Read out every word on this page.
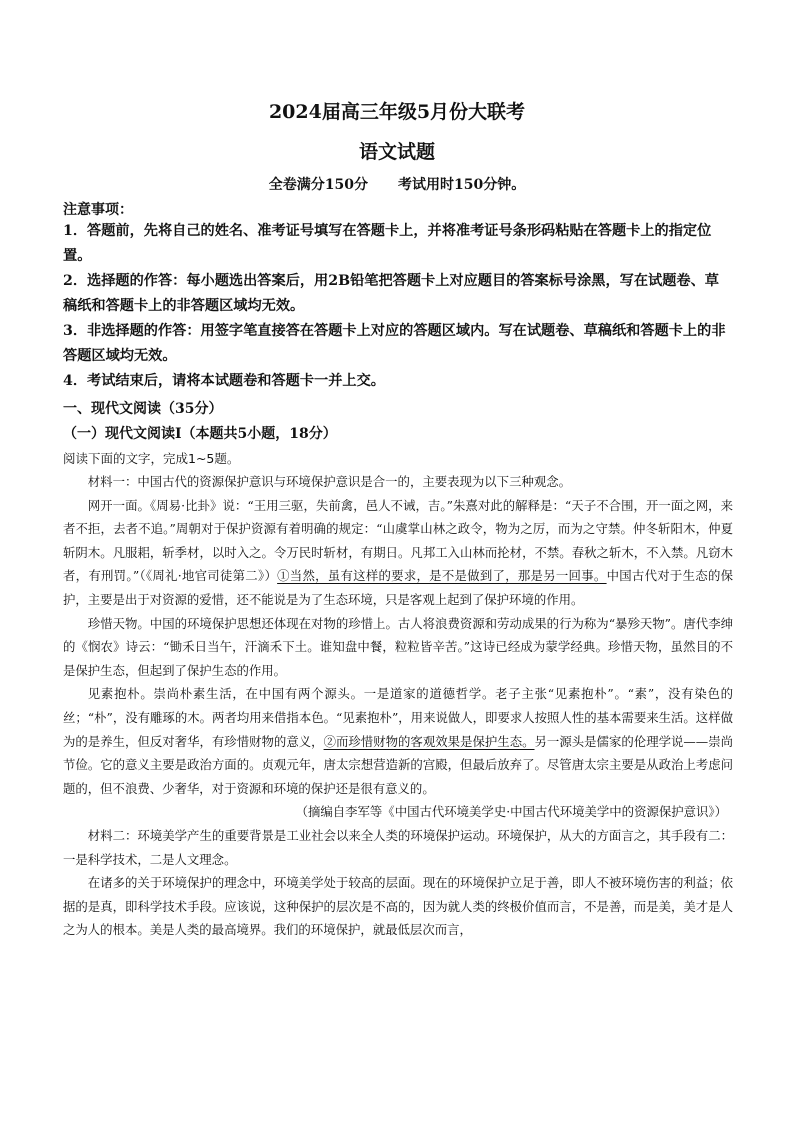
2024届高三年级5月份大联考
语文试题
全卷满分150分 考试用时150分钟。
注意事项：

1．答题前，先将自己的姓名、准考证号填写在答题卡上，并将准考证号条形码粘贴在答题卡上的指定位置。

2．选择题的作答：每小题选出答案后，用2B铅笔把答题卡上对应题目的答案标号涂黑，写在试题卷、草稿纸和答题卡上的非答题区域均无效。

3．非选择题的作答：用签字笔直接答在答题卡上对应的答题区域内。写在试题卷、草稿纸和答题卡上的非答题区域均无效。

4．考试结束后，请将本试题卷和答题卡一并上交。

一、现代文阅读（35分）
（一）现代文阅读Ⅰ（本题共5小题，18分）
阅读下面的文字，完成1~5题。

材料一：中国古代的资源保护意识与环境保护意识是合一的，主要表现为以下三种观念。

网开一面。《周易·比卦》说：“王用三驱，失前禽，邑人不诫，吉。”朱熹对此的解释是：“天子不合围，开一面之网，来者不拒，去者不追。”周朝对于保护资源有着明确的规定：“山虞掌山林之政令，物为之厉，而为之守禁。仲冬斩阳木，仲夏斩阴木。凡服耜，斩季材，以时入之。令万民时斩材，有期日。凡邦工入山林而抡材，不禁。春秋之斩木，不入禁。凡窃木者，有刑罚。”（《周礼·地官司徒第二》）①当然，虽有这样的要求，是不是做到了，那是另一回事。中国古代对于生态的保护，主要是出于对资源的爱惜，还不能说是为了生态环境，只是客观上起到了保护环境的作用。

珍惜天物。中国的环境保护思想还体现在对物的珍惜上。古人将浪费资源和劳动成果的行为称为“暴殄天物”。唐代李绅的《悯农》诗云：“锄禾日当午，汗滴禾下土。谁知盘中餐，粒粒皆辛苦。”这诗已经成为蒙学经典。珍惜天物，虽然目的不是保护生态，但起到了保护生态的作用。

见素抱朴。崇尚朴素生活，在中国有两个源头。一是道家的道德哲学。老子主张“见素抱朴”。“素”，没有染色的丝；“朴”，没有雕琢的木。两者均用来借指本色。“见素抱朴”，用来说做人，即要求人按照人性的基本需要来生活。这样做为的是养生，但反对奢华，有珍惜财物的意义，②而珍惜财物的客观效果是保护生态。另一源头是儒家的伦理学说——崇尚节俭。它的意义主要是政治方面的。贞观元年，唐太宗想营造新的宫殿，但最后放弃了。尽管唐太宗主要是从政治上考虑问题的，但不浪费、少奢华，对于资源和环境的保护还是很有意义的。

（摘编自李军等《中国古代环境美学史·中国古代环境美学中的资源保护意识》）

材料二：环境美学产生的重要背景是工业社会以来全人类的环境保护运动。环境保护，从大的方面言之，其手段有二：一是科学技术，二是人文理念。

在诸多的关于环境保护的理念中，环境美学处于较高的层面。现在的环境保护立足于善，即人不被环境伤害的利益；依据的是真，即科学技术手段。应该说，这种保护的层次是不高的，因为就人类的终极价值而言，不是善，而是美，美才是人之为人的根本。美是人类的最高境界。我们的环境保护，就最低层次而言，
